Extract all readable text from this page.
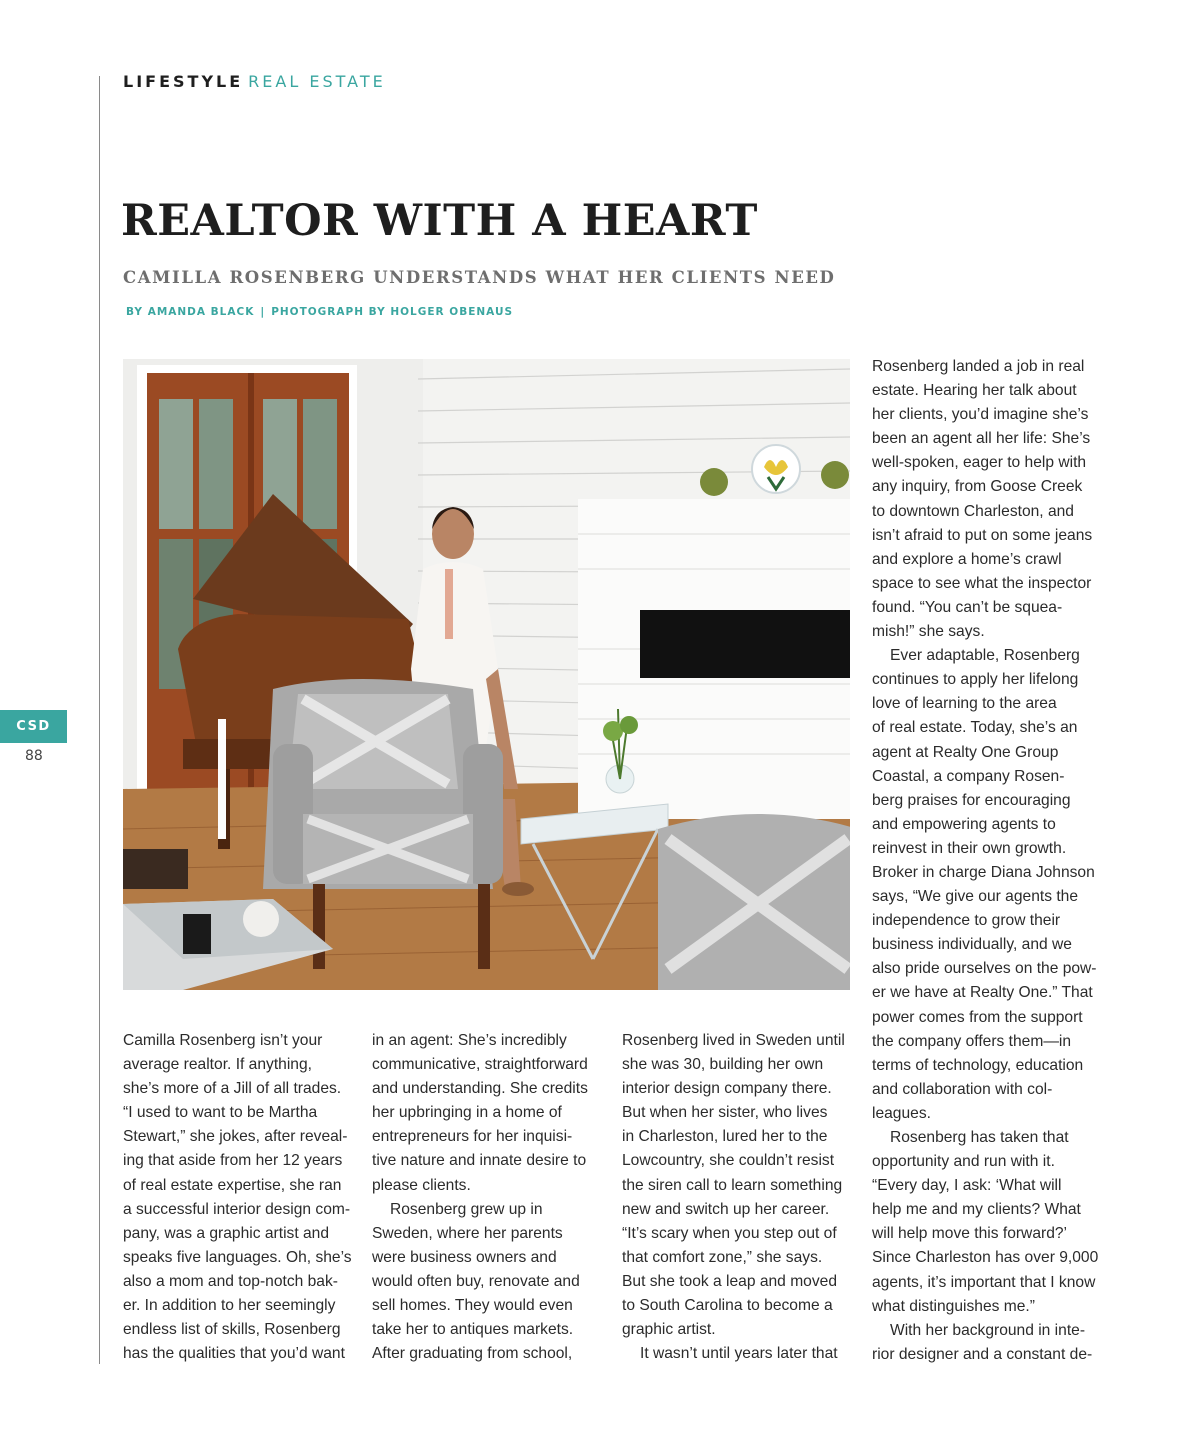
LIFESTYLE REAL ESTATE
REALTOR WITH A HEART
CAMILLA ROSENBERG UNDERSTANDS WHAT HER CLIENTS NEED
BY AMANDA BLACK | PHOTOGRAPH BY HOLGER OBENAUS
CSD
88

Camilla Rosenberg isn’t your
average realtor. If anything,
she’s more of a Jill of all trades.
“I used to want to be Martha
Stewart,” she jokes, after reveal-
ing that aside from her 12 years
of real estate expertise, she ran
a successful interior design com-
pany, was a graphic artist and
speaks five languages. Oh, she’s
also a mom and top-notch bak-
er. In addition to her seemingly
endless list of skills, Rosenberg
has the qualities that you’d want

in an agent: She’s incredibly
communicative, straightforward
and understanding. She credits
her upbringing in a home of
entrepreneurs for her inquisi-
tive nature and innate desire to
please clients.

Rosenberg grew up in
Sweden, where her parents
were business owners and
would often buy, renovate and
sell homes. They would even
take her to antiques markets.
After graduating from school,

Rosenberg lived in Sweden until
she was 30, building her own
interior design company there.
But when her sister, who lives
in Charleston, lured her to the
Lowcountry, she couldn’t resist
the siren call to learn something
new and switch up her career.
“It’s scary when you step out of
that comfort zone,” she says.
But she took a leap and moved
to South Carolina to become a
graphic artist.

It wasn’t until years later that

Rosenberg landed a job in real
estate. Hearing her talk about
her clients, you’d imagine she’s
been an agent all her life: She’s
well-spoken, eager to help with
any inquiry, from Goose Creek
to downtown Charleston, and
isn’t afraid to put on some jeans
and explore a home’s crawl
space to see what the inspector
found. “You can’t be squea-
mish!” she says.

Ever adaptable, Rosenberg
continues to apply her lifelong
love of learning to the area
of real estate. Today, she’s an
agent at Realty One Group
Coastal, a company Rosen-
berg praises for encouraging
and empowering agents to
reinvest in their own growth.
Broker in charge Diana Johnson
says, “We give our agents the
independence to grow their
business individually, and we
also pride ourselves on the pow-
er we have at Realty One.” That
power comes from the support
the company offers them—in
terms of technology, education
and collaboration with col-
leagues.

Rosenberg has taken that
opportunity and run with it.
“Every day, I ask: ‘What will
help me and my clients? What
will help move this forward?’
Since Charleston has over 9,000
agents, it’s important that I know
what distinguishes me.”

With her background in inte-
rior designer and a constant de-
